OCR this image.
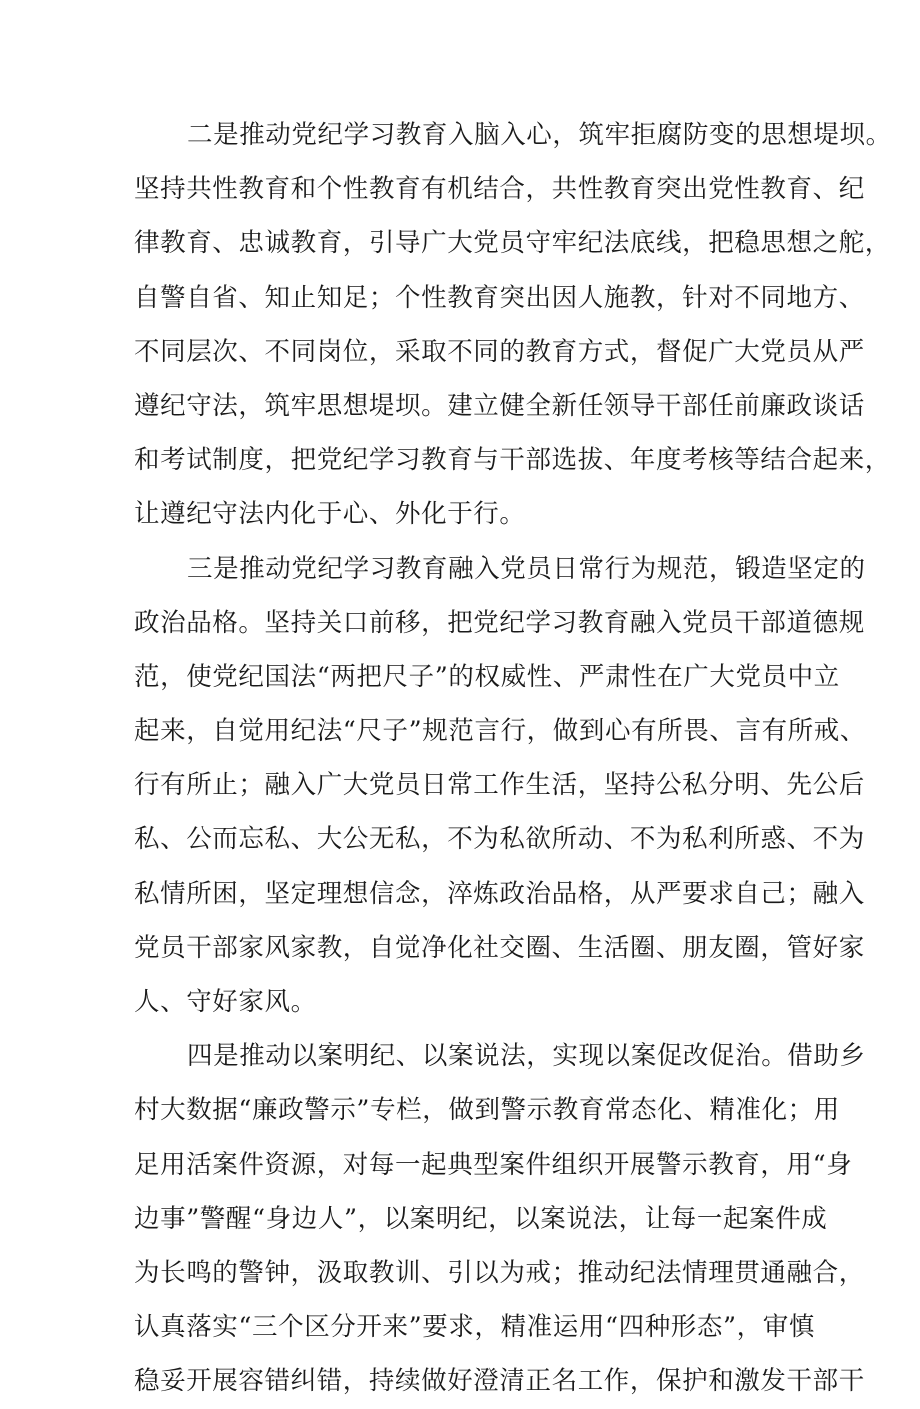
二是推动党纪学习教育入脑入心，筑牢拒腐防变的思想堤坝。
坚持共性教育和个性教育有机结合，共性教育突出党性教育、纪
律教育、忠诚教育，引导广大党员守牢纪法底线，把稳思想之舵，
自警自省、知止知足；个性教育突出因人施教，针对不同地方、
不同层次、不同岗位，采取不同的教育方式，督促广大党员从严
遵纪守法，筑牢思想堤坝。建立健全新任领导干部任前廉政谈话
和考试制度，把党纪学习教育与干部选拔、年度考核等结合起来，
让遵纪守法内化于心、外化于行。
三是推动党纪学习教育融入党员日常行为规范，锻造坚定的
政治品格。坚持关口前移，把党纪学习教育融入党员干部道德规
范，使党纪国法“两把尺子”的权威性、严肃性在广大党员中立
起来，自觉用纪法“尺子”规范言行，做到心有所畏、言有所戒、
行有所止；融入广大党员日常工作生活，坚持公私分明、先公后
私、公而忘私、大公无私，不为私欲所动、不为私利所惑、不为
私情所困，坚定理想信念，淬炼政治品格，从严要求自己；融入
党员干部家风家教，自觉净化社交圈、生活圈、朋友圈，管好家
人、守好家风。
四是推动以案明纪、以案说法，实现以案促改促治。借助乡
村大数据“廉政警示”专栏，做到警示教育常态化、精准化；用
足用活案件资源，对每一起典型案件组织开展警示教育，用“身
边事”警醒“身边人”，以案明纪，以案说法，让每一起案件成
为长鸣的警钟，汲取教训、引以为戒；推动纪法情理贯通融合，
认真落实“三个区分开来”要求，精准运用“四种形态”，审慎
稳妥开展容错纠错，持续做好澄清正名工作，保护和激发干部干
